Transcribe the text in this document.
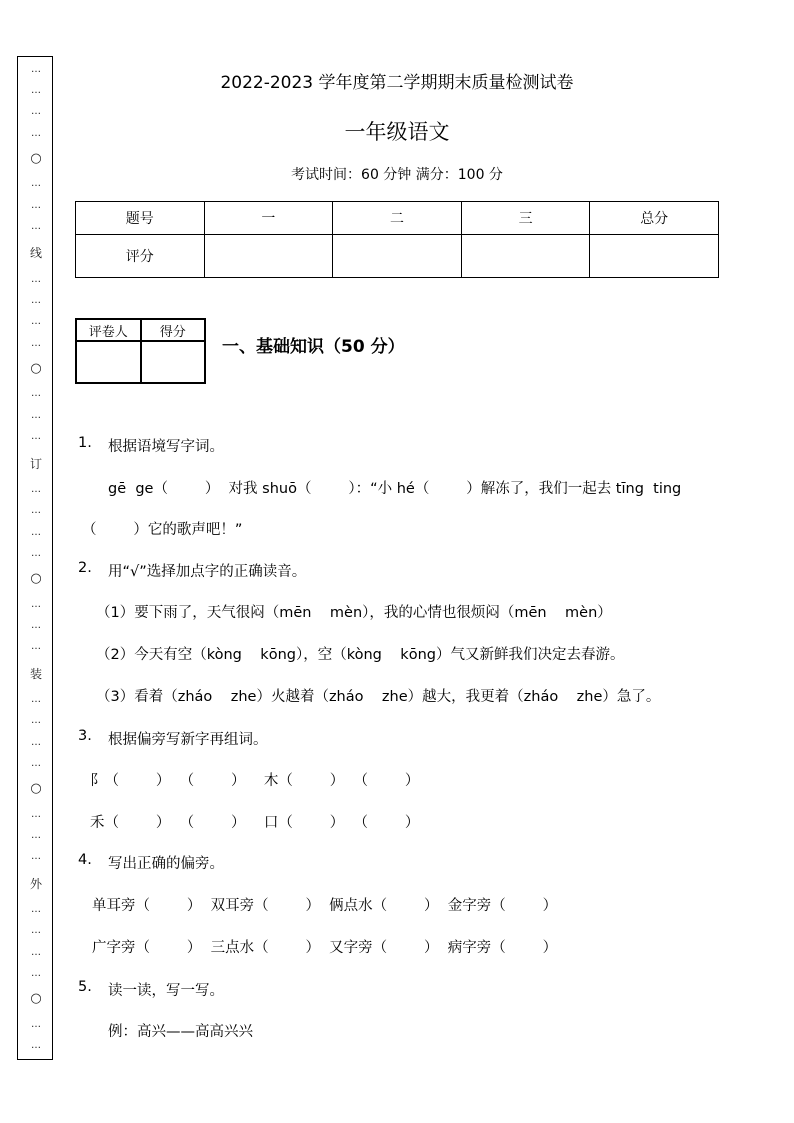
…
…
…
…
○
…
…
…
线
…
…
…
…
○
…
…
…
订
…
…
…
…
○
…
…
…
装
…
…
…
…
○
…
…
…
外
…
…
…
…
○
…
…
2022-2023 学年度第二学期期末质量检测试卷
一年级语文
考试时间：60 分钟 满分：100 分
题号	一	二	三	总分
评分				
评卷人	得分

一、基础知识（50 分）
1. 根据语境写字词。
gē  ge（        ）  对我 shuō（        ）：“小 hé（        ）解冻了，我们一起去 tīng  ting
（        ）它的歌声吧！”
2. 用“√”选择加点字的正确读音。
（1）要下雨了，天气很闷（mēn    mèn），我的心情也很烦闷（mēn    mèn）
（2）今天有空（kòng    kōng），空（kòng    kōng）气又新鲜我们决定去春游。
（3）看着（zháo    zhe）火越着（zháo    zhe）越大，我更着（zháo    zhe）急了。
3. 根据偏旁写新字再组词。
阝（        ）  （        ）    木（        ）  （        ）
禾（        ）  （        ）    口（        ）  （        ）
4. 写出正确的偏旁。
单耳旁（        ）  双耳旁（        ）  俩点水（        ）  金字旁（        ）
广字旁（        ）  三点水（        ）  又字旁（        ）  病字旁（        ）
5. 读一读，写一写。
例：高兴——高高兴兴
